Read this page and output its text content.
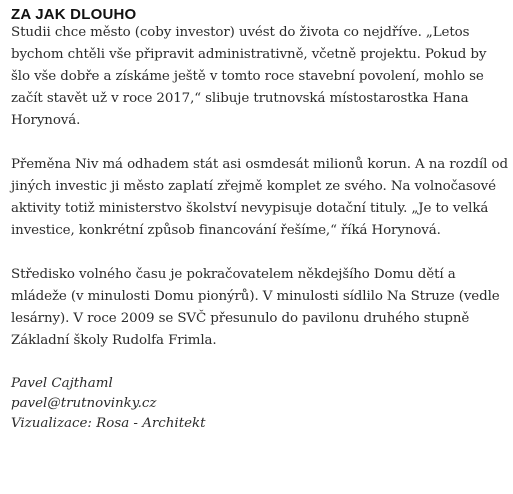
ZA JAK DLOUHO

Studii chce město (coby investor) uvést do života co nejdříve. „Letos bychom chtěli vše připravit administrativně, včetně projektu. Pokud by šlo vše dobře a získáme ještě v tomto roce stavební povolení, mohlo se začít stavět už v roce 2017,“ slibuje trutnovská místostarostka Hana Horynová.

Přeměna Niv má odhadem stát asi osmdesát milionů korun. A na rozdíl od jiných investic ji město zaplatí zřejmě komplet ze svého. Na volnočasové aktivity totiž ministerstvo školství nevypisuje dotační tituly. „Je to velká investice, konkrétní způsob financování řešíme,“ říká Horynová.

Středisko volného času je pokračovatelem někdejšího Domu dětí a mládeže (v minulosti Domu pionýrů). V minulosti sídlilo Na Struze (vedle lesárny). V roce 2009 se SVČ přesunulo do pavilonu druhého stupně Základní školy Rudolfa Frimla.

Pavel Cajthaml
pavel@trutnovinky.cz
Vizualizace: Rosa - Architekt
